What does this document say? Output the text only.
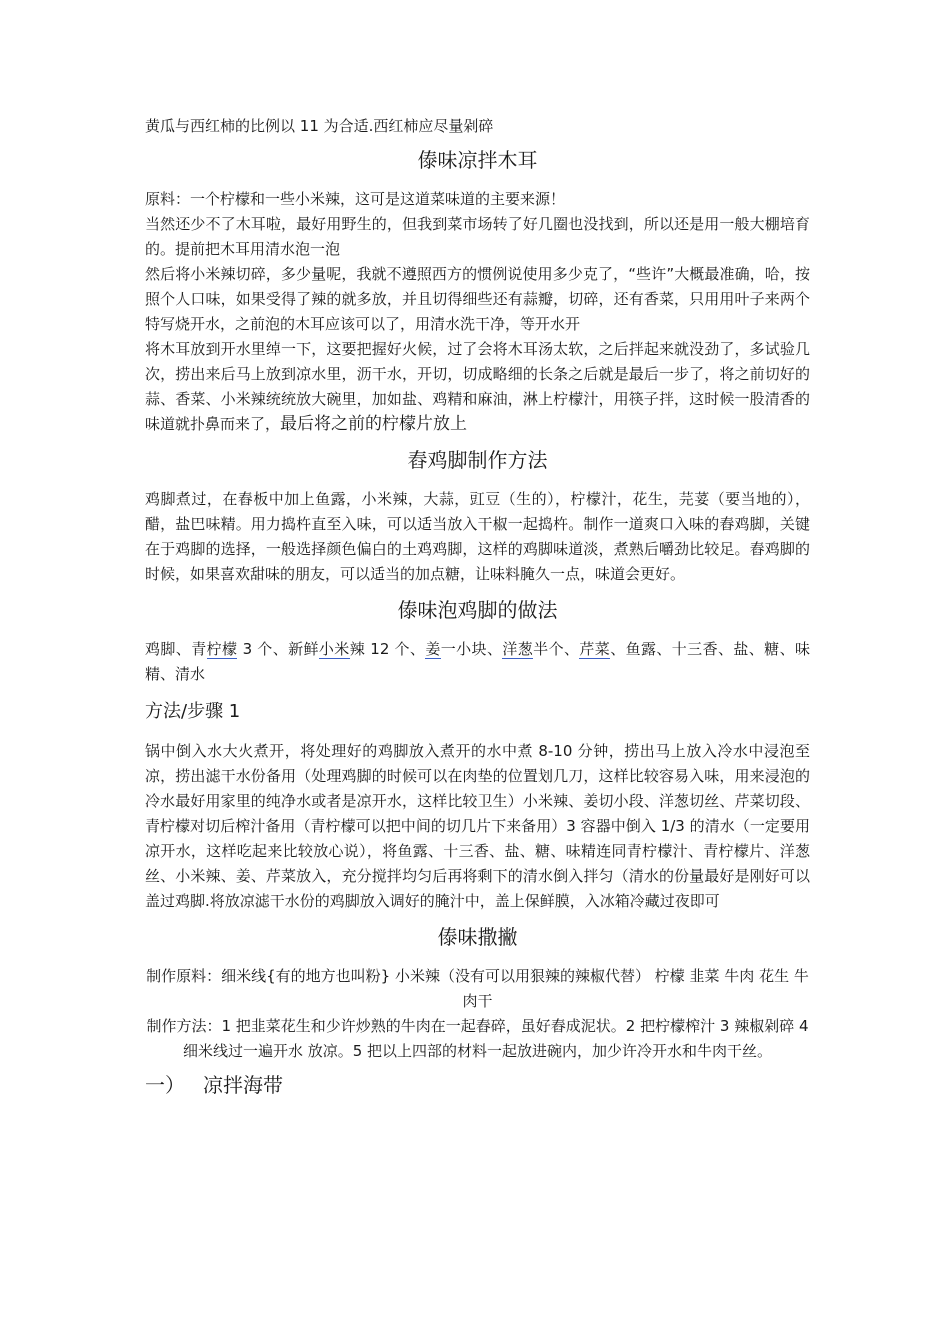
黄瓜与西红柿的比例以 11 为合适.西红柿应尽量剁碎

傣味凉拌木耳

原料：一个柠檬和一些小米辣，这可是这道菜味道的主要来源！

当然还少不了木耳啦，最好用野生的，但我到菜市场转了好几圈也没找到，所以还是用一般大棚培育的。提前把木耳用清水泡一泡

然后将小米辣切碎，多少量呢，我就不遵照西方的惯例说使用多少克了，“些许”大概最准确，哈，按照个人口味，如果受得了辣的就多放，并且切得细些还有蒜瓣，切碎，还有香菜，只用用叶子来两个特写烧开水，之前泡的木耳应该可以了，用清水洗干净，等开水开

将木耳放到开水里绰一下，这要把握好火候，过了会将木耳汤太软，之后拌起来就没劲了，多试验几次，捞出来后马上放到凉水里，沥干水，开切，切成略细的长条之后就是最后一步了，将之前切好的蒜、香菜、小米辣统统放大碗里，加如盐、鸡精和麻油，淋上柠檬汁，用筷子拌，这时候一股清香的味道就扑鼻而来了，最后将之前的柠檬片放上

舂鸡脚制作方法

鸡脚煮过，在舂板中加上鱼露，小米辣，大蒜，豇豆（生的），柠檬汁，花生，芫荽（要当地的），醋，盐巴味精。用力捣杵直至入味，可以适当放入干椒一起捣杵。制作一道爽口入味的舂鸡脚，关键在于鸡脚的选择，一般选择颜色偏白的土鸡鸡脚，这样的鸡脚味道淡，煮熟后嚼劲比较足。舂鸡脚的时候，如果喜欢甜味的朋友，可以适当的加点糖，让味料腌久一点，味道会更好。

傣味泡鸡脚的做法

鸡脚、青柠檬 3 个、新鲜小米辣 12 个、姜一小块、洋葱半个、芹菜、鱼露、十三香、盐、糖、味精、清水

方法/步骤 1

锅中倒入水大火煮开，将处理好的鸡脚放入煮开的水中煮 8-10 分钟，捞出马上放入冷水中浸泡至凉，捞出滤干水份备用（处理鸡脚的时候可以在肉垫的位置划几刀，这样比较容易入味，用来浸泡的冷水最好用家里的纯净水或者是凉开水，这样比较卫生）小米辣、姜切小段、洋葱切丝、芹菜切段、青柠檬对切后榨汁备用（青柠檬可以把中间的切几片下来备用）3 容器中倒入 1/3 的清水（一定要用凉开水，这样吃起来比较放心说），将鱼露、十三香、盐、糖、味精连同青柠檬汁、青柠檬片、洋葱丝、小米辣、姜、芹菜放入，充分搅拌均匀后再将剩下的清水倒入拌匀（清水的份量最好是刚好可以盖过鸡脚.将放凉滤干水份的鸡脚放入调好的腌汁中，盖上保鲜膜，入冰箱冷藏过夜即可

傣味撒撇

制作原料：细米线{有的地方也叫粉} 小米辣（没有可以用狠辣的辣椒代替） 柠檬 韭菜 牛肉 花生 牛肉干

制作方法：1 把韭菜花生和少许炒熟的牛肉在一起舂碎，虽好舂成泥状。2 把柠檬榨汁 3 辣椒剁碎 4 细米线过一遍开水 放凉。5 把以上四部的材料一起放进碗内，加少许冷开水和牛肉干丝。

一） 凉拌海带
